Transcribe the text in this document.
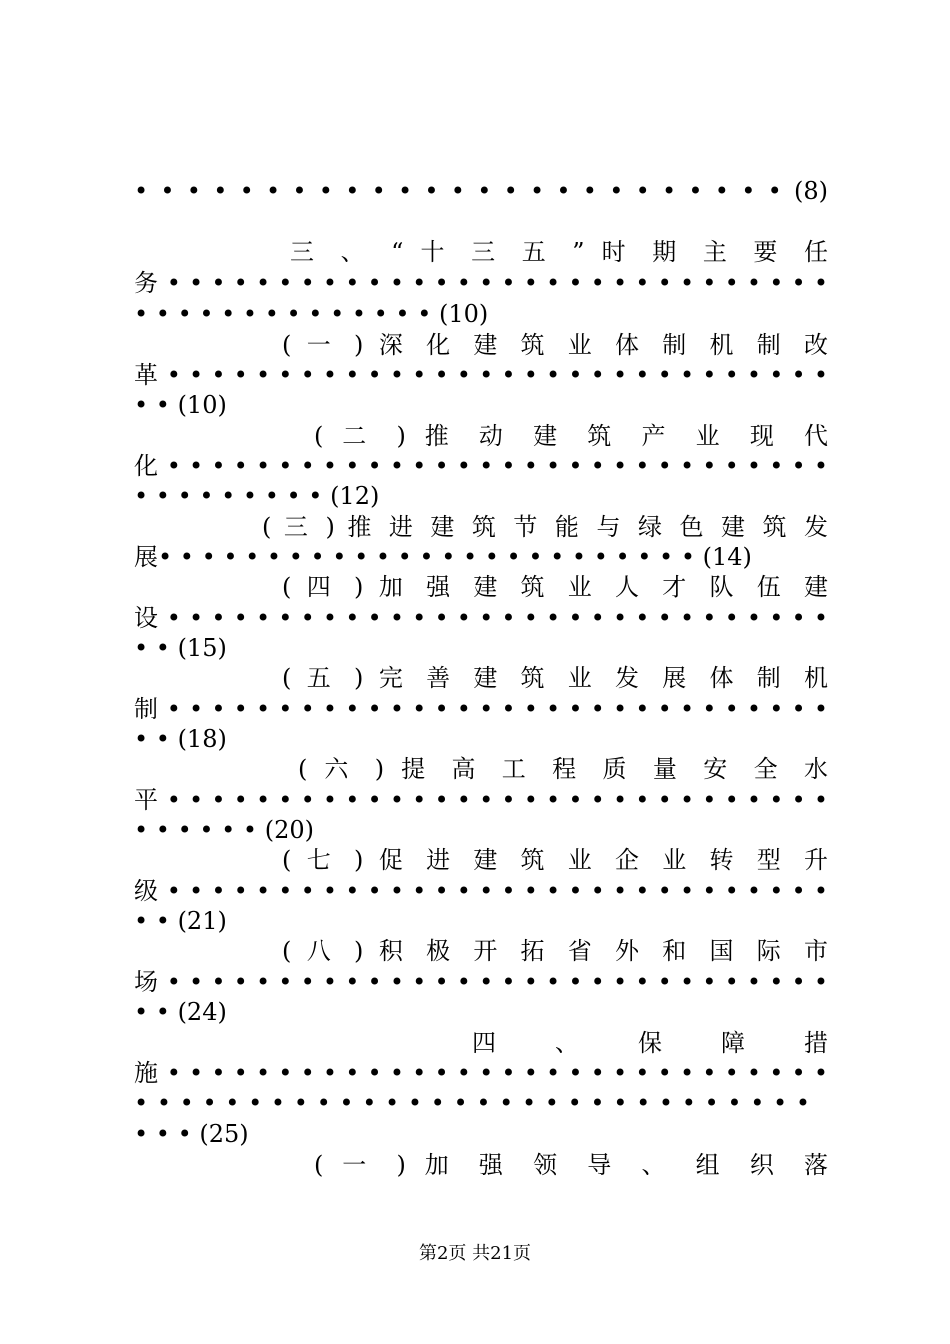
• • • • • • • • • • • • • • • • • • • • • • • • • (8)
三 、 “ 十 三 五 ” 时 期 主 要 任
务 • • • • • • • • • • • • • • • • • • • • • • • • • • • • • •
• • • • • • • • • • • • • • (10)
( 一 ) 深 化 建 筑 业 体 制 机 制 改
革 • • • • • • • • • • • • • • • • • • • • • • • • • • • • • •
• • (10)
( 二 ) 推 动 建 筑 产 业 现 代
化 • • • • • • • • • • • • • • • • • • • • • • • • • • • • • •
• • • • • • • • • (12)
( 三 ) 推 进 建 筑 节 能 与 绿 色 建 筑 发
展• • • • • • • • • • • • • • • • • • • • • • • • • (14)
( 四 ) 加 强 建 筑 业 人 才 队 伍 建
设 • • • • • • • • • • • • • • • • • • • • • • • • • • • • • •
• • (15)
( 五 ) 完 善 建 筑 业 发 展 体 制 机
制 • • • • • • • • • • • • • • • • • • • • • • • • • • • • • •
• • (18)
( 六 ) 提 高 工 程 质 量 安 全 水
平 • • • • • • • • • • • • • • • • • • • • • • • • • • • • • •
• • • • • • (20)
( 七 ) 促 进 建 筑 业 企 业 转 型 升
级 • • • • • • • • • • • • • • • • • • • • • • • • • • • • • •
• • (21)
( 八 ) 积 极 开 拓 省 外 和 国 际 市
场 • • • • • • • • • • • • • • • • • • • • • • • • • • • • • •
• • (24)
四 、 保 障 措
施 • • • • • • • • • • • • • • • • • • • • • • • • • • • • • •
• • • • • • • • • • • • • • • • • • • • • • • • • • • • • •
• • • (25)
( 一 ) 加 强 领 导 、 组 织 落
第2页 共21页
